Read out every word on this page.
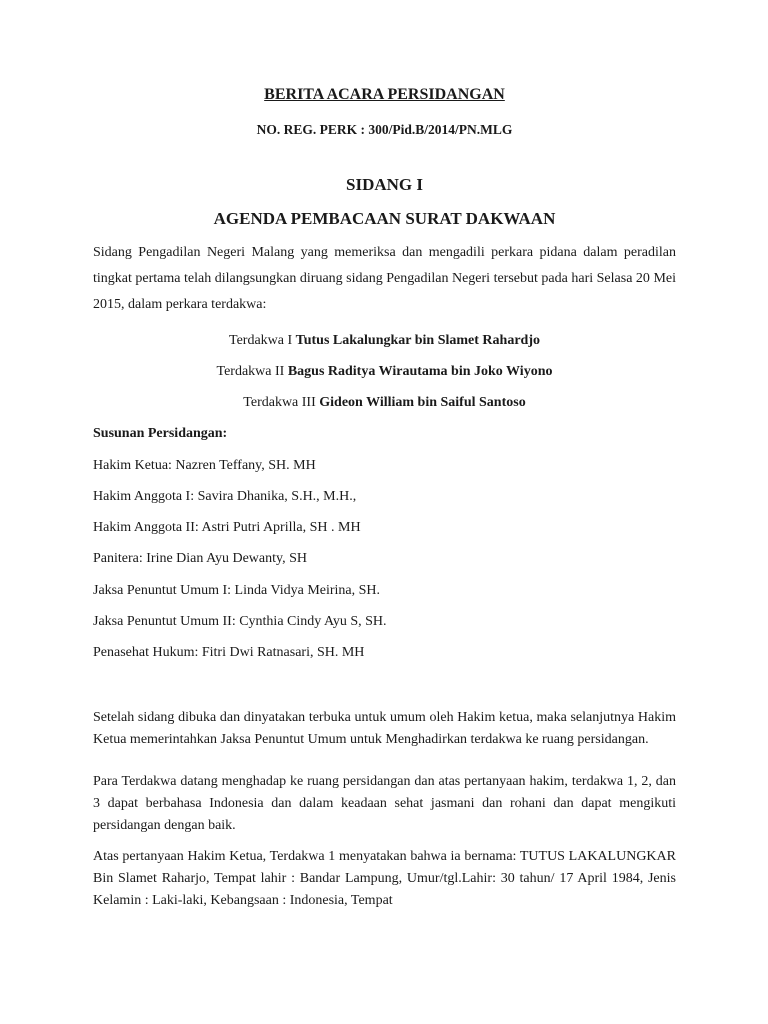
BERITA ACARA PERSIDANGAN

NO. REG. PERK : 300/Pid.B/2014/PN.MLG

SIDANG I

AGENDA PEMBACAAN SURAT DAKWAAN

Sidang Pengadilan Negeri Malang yang memeriksa dan mengadili perkara pidana dalam peradilan tingkat pertama telah dilangsungkan diruang sidang Pengadilan Negeri tersebut pada hari Selasa 20 Mei 2015, dalam perkara terdakwa:

Terdakwa I Tutus Lakalungkar bin Slamet Rahardjo

Terdakwa II Bagus Raditya Wirautama bin Joko Wiyono

Terdakwa III Gideon William bin Saiful Santoso

Susunan Persidangan:

Hakim Ketua: Nazren Teffany, SH. MH

Hakim Anggota I: Savira Dhanika, S.H., M.H.,

Hakim Anggota II: Astri Putri Aprilla, SH . MH

Panitera: Irine Dian Ayu Dewanty, SH

Jaksa Penuntut Umum I: Linda Vidya Meirina, SH.

Jaksa Penuntut Umum II: Cynthia Cindy Ayu S, SH.

Penasehat Hukum: Fitri Dwi Ratnasari, SH. MH

Setelah sidang dibuka dan dinyatakan terbuka untuk umum oleh Hakim ketua, maka selanjutnya Hakim Ketua memerintahkan Jaksa Penuntut Umum untuk Menghadirkan terdakwa ke ruang persidangan.

Para Terdakwa datang menghadap ke ruang persidangan dan atas pertanyaan hakim, terdakwa 1, 2, dan 3 dapat berbahasa Indonesia dan dalam keadaan sehat jasmani dan rohani dan dapat mengikuti persidangan dengan baik.

Atas pertanyaan Hakim Ketua, Terdakwa 1 menyatakan bahwa ia bernama: TUTUS LAKALUNGKAR Bin Slamet Raharjo, Tempat lahir : Bandar Lampung, Umur/tgl.Lahir: 30 tahun/ 17 April 1984, Jenis Kelamin : Laki-laki, Kebangsaan : Indonesia, Tempat
